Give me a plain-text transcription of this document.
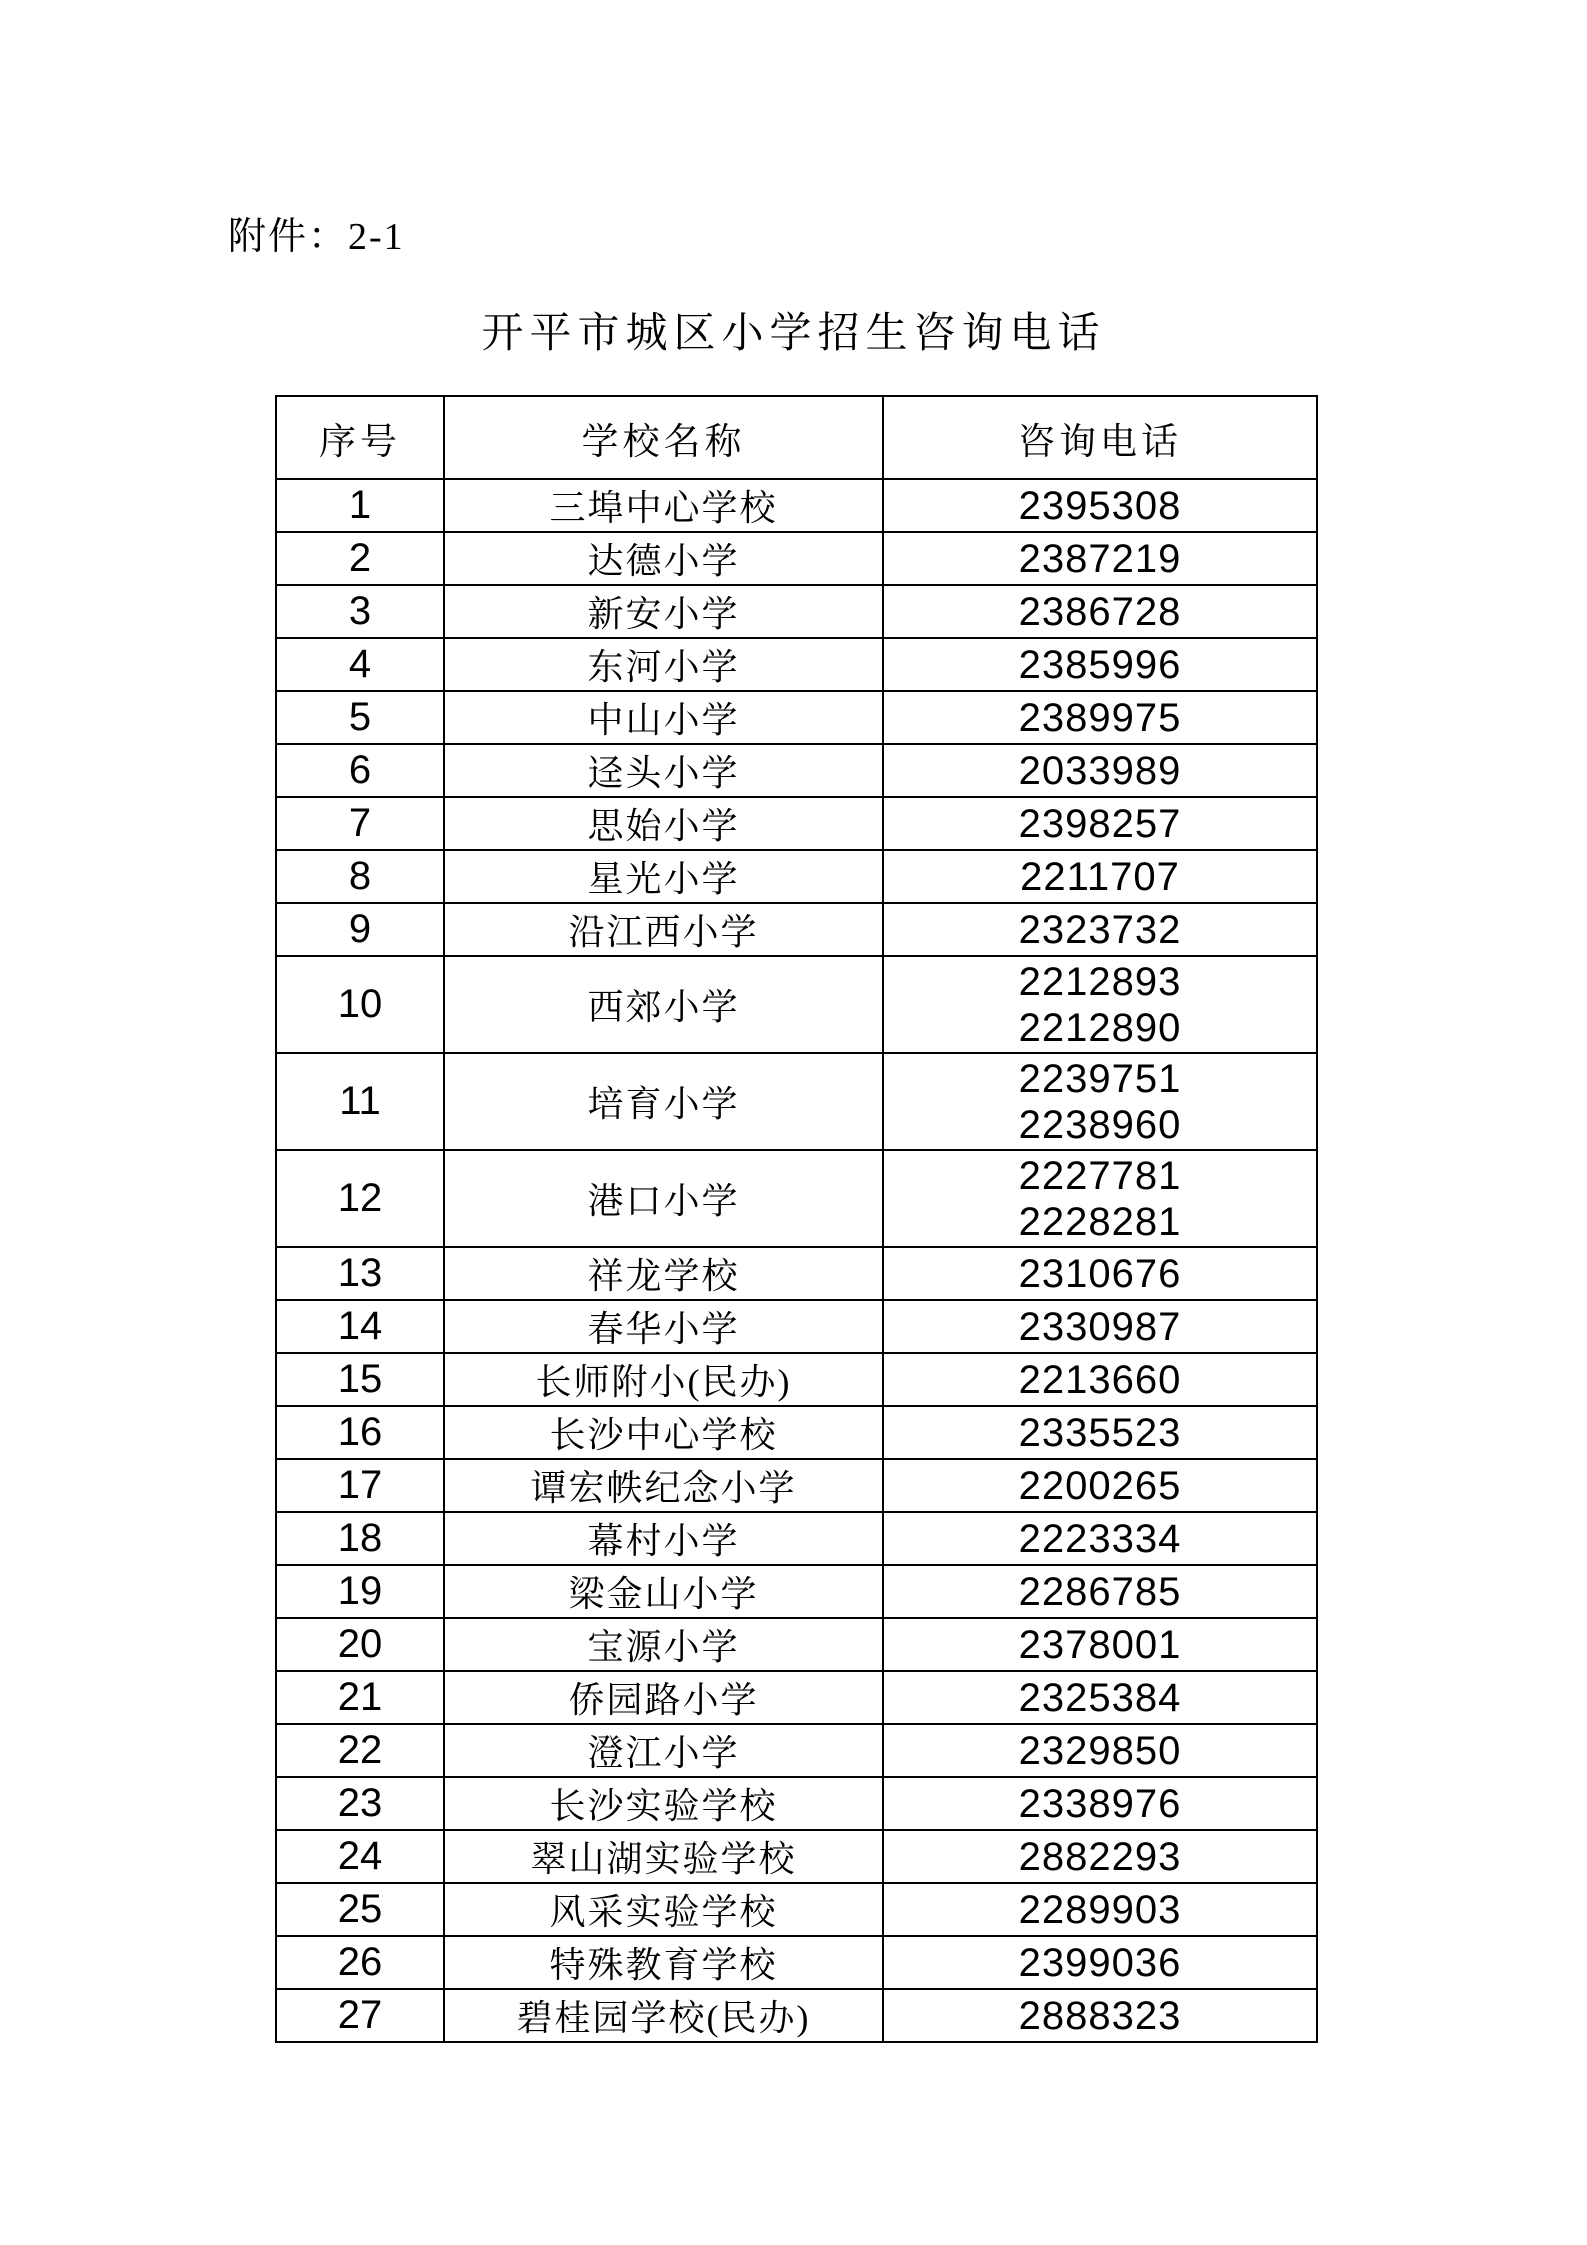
附件：2-1
开平市城区小学招生咨询电话
序号	学校名称	咨询电话
1	三埠中心学校	2395308

2	达德小学	2387219

3	新安小学	2386728

4	东河小学	2385996

5	中山小学	2389975

6	迳头小学	2033989

7	思始小学	2398257

8	星光小学	2211707

9	沿江西小学	2323732

10	西郊小学	2212893
2212890

11	培育小学	2239751
2238960

12	港口小学	2227781
2228281

13	祥龙学校	2310676

14	春华小学	2330987

15	长师附小(民办)	2213660

16	长沙中心学校	2335523

17	谭宏帙纪念小学	2200265

18	幕村小学	2223334

19	梁金山小学	2286785

20	宝源小学	2378001

21	侨园路小学	2325384

22	澄江小学	2329850

23	长沙实验学校	2338976

24	翠山湖实验学校	2882293

25	风采实验学校	2289903

26	特殊教育学校	2399036

27	碧桂园学校(民办)	2888323
